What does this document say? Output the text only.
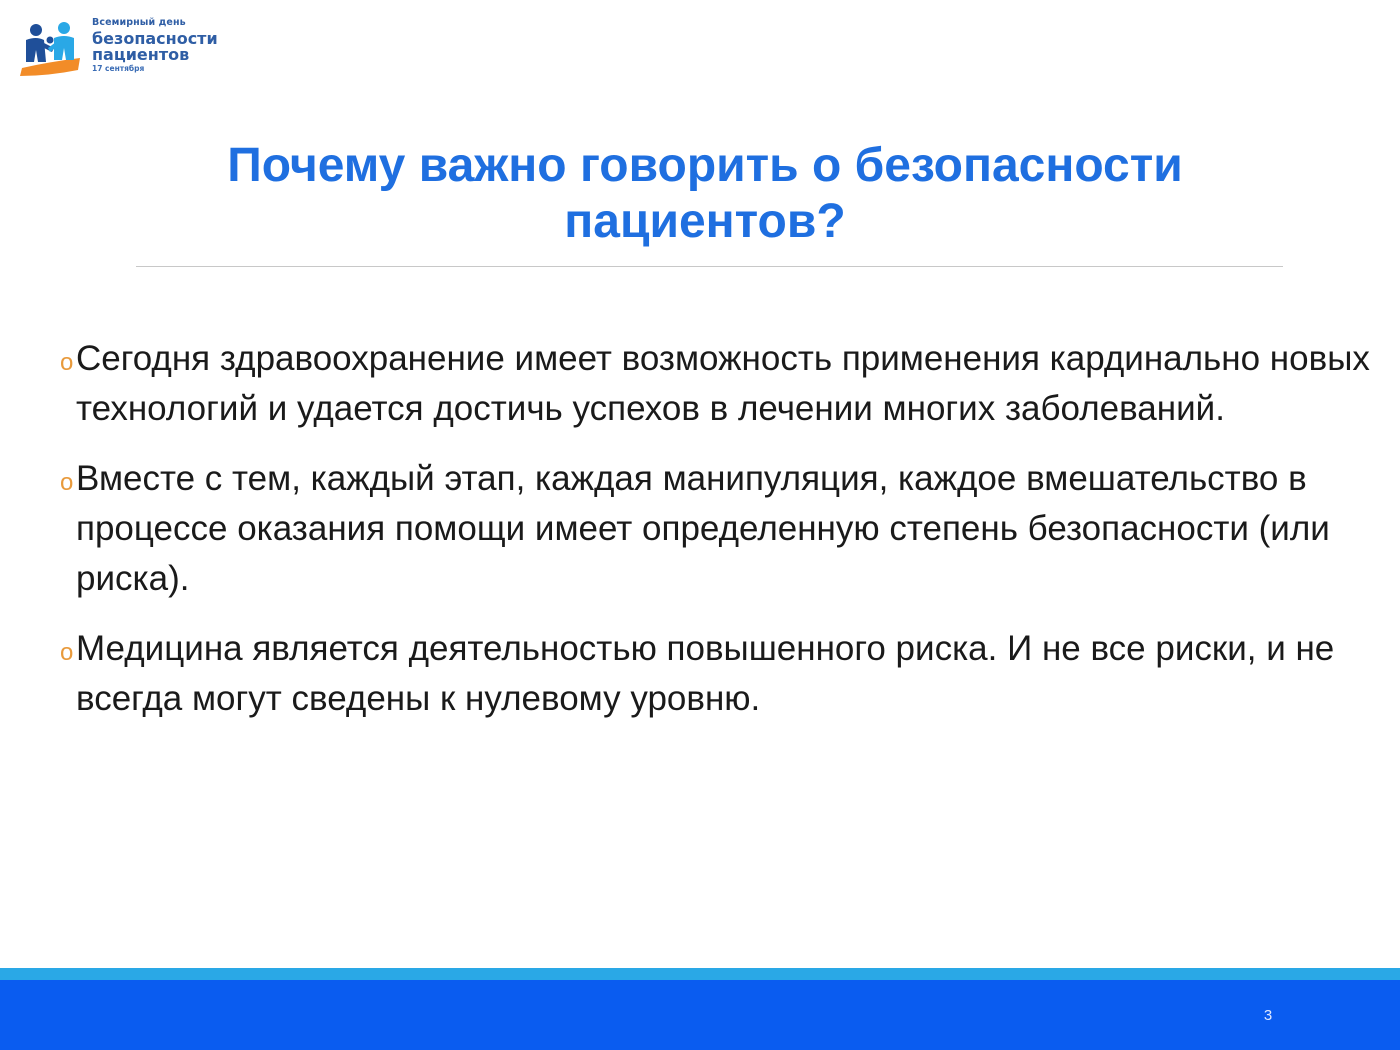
Всемирный день
безопасности
пациентов
17 сентября
Почему важно говорить о безопасности
пациентов?
o Сегодня здравоохранение имеет возможность применения кардинально новых технологий и удается достичь успехов в лечении многих заболеваний.
o Вместе с тем, каждый этап, каждая манипуляция, каждое вмешательство в процессе оказания помощи имеет определенную степень безопасности (или риска).
o Медицина является деятельностью повышенного риска. И не все риски, и не всегда могут сведены к нулевому уровню.
3
